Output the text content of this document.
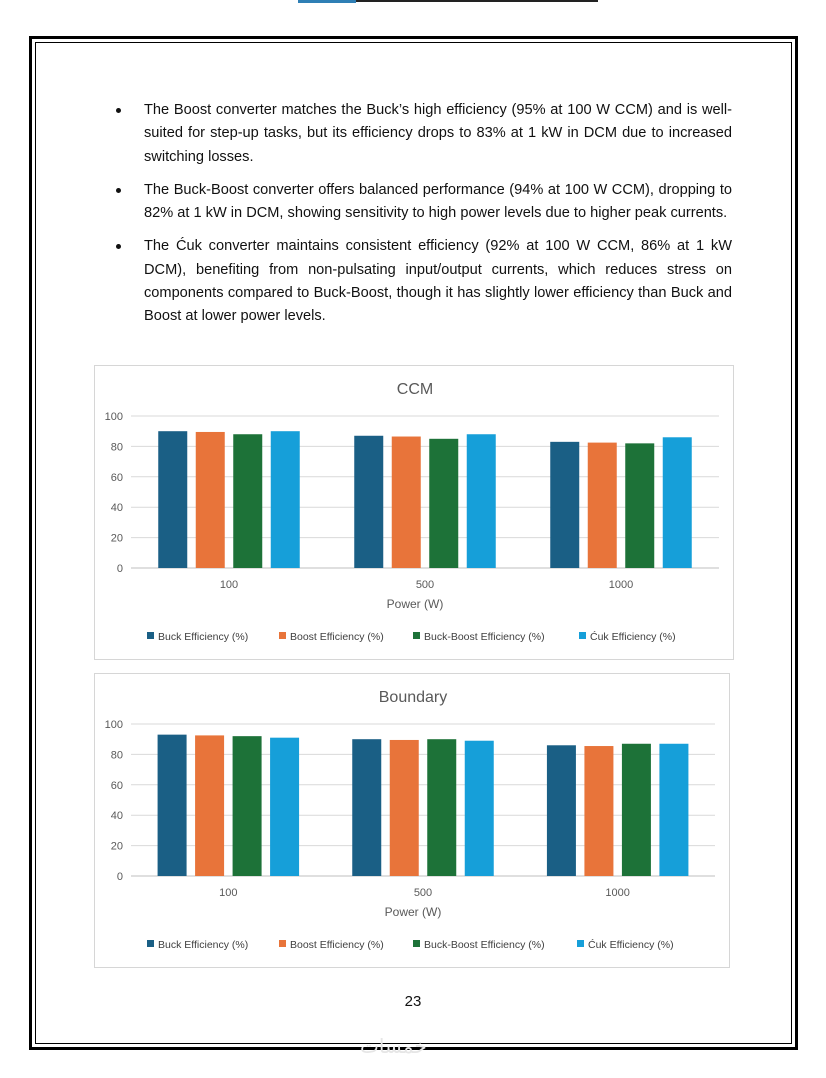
The Boost converter matches the Buck’s high efficiency (95% at 100 W CCM) and is well-suited for step-up tasks, but its efficiency drops to 83% at 1 kW in DCM due to increased switching losses.
The Buck-Boost converter offers balanced performance (94% at 100 W CCM), dropping to 82% at 1 kW in DCM, showing sensitivity to high power levels due to higher peak currents.
The Ćuk converter maintains consistent efficiency (92% at 100 W CCM, 86% at 1 kW DCM), benefiting from non-pulsating input/output currents, which reduces stress on components compared to Buck-Boost, though it has slightly lower efficiency than Buck and Boost at lower power levels.
CCM
0
20
40
60
80
100
100	500	1000
Power (W)
Buck Efficiency (%)	Boost Efficiency (%)	Buck-Boost Efficiency (%)	Ćuk Efficiency (%)
Boundary
0
20
40
60
80
100
100	500	1000
Power (W)
Buck Efficiency (%)	Boost Efficiency (%)	Buck-Boost Efficiency (%)	Ćuk Efficiency (%)
23
خمسات
